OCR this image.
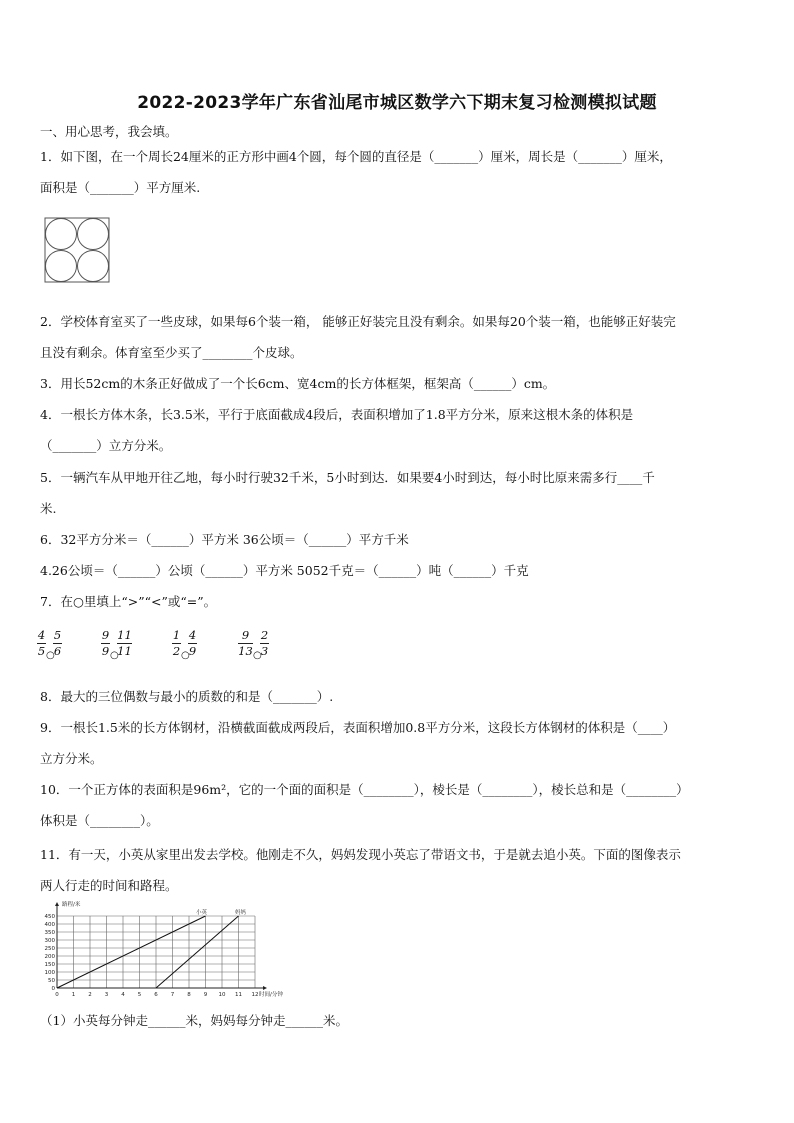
2022-2023学年广东省汕尾市城区数学六下期末复习检测模拟试题
一、用心思考，我会填。
1．如下图，在一个周长24厘米的正方形中画4个圆，每个圆的直径是（_______）厘米，周长是（_______）厘米，
面积是（_______）平方厘米.
2．学校体育室买了一些皮球，如果每6个装一箱， 能够正好装完且没有剩余。如果每20个装一箱，也能够正好装完
且没有剩余。体育室至少买了________个皮球。
3．用长52cm的木条正好做成了一个长6cm、宽4cm的长方体框架，框架高（______）cm。
4．一根长方体木条，长3.5米，平行于底面截成4段后，表面积增加了1.8平方分米，原来这根木条的体积是
（_______）立方分米。
5．一辆汽车从甲地开往乙地，每小时行驶32千米，5小时到达．如果要4小时到达，每小时比原来需多行____千
米.
6．32平方分米＝（______）平方米 36公顷＝（______）平方千米
4.26公顷＝（______）公顷（______）平方米 5052千克＝（______）吨（______）千克
7．在○里填上“>”“<”或“=”。
4
5 ○
5
6
9
9 ○
11
11
1
2 ○
4
9
9
13 ○
2
3
8．最大的三位偶数与最小的质数的和是（_______）.
9．一根长1.5米的长方体钢材，沿横截面截成两段后，表面积增加0.8平方分米，这段长方体钢材的体积是（____）
立方分米。
10．一个正方体的表面积是96m²，它的一个面的面积是（________），棱长是（________），棱长总和是（________）
体积是（________）。
11．有一天，小英从家里出发去学校。他刚走不久，妈妈发现小英忘了带语文书，于是就去追小英。下面的图像表示
两人行走的时间和路程。
0 1 2 3 4 5 6 7 8 9 10 11 12
0
50
100
150
200
250
300
350
400
450
路程/米
时间/分钟
小英	妈妈
（1）小英每分钟走______米，妈妈每分钟走______米。
